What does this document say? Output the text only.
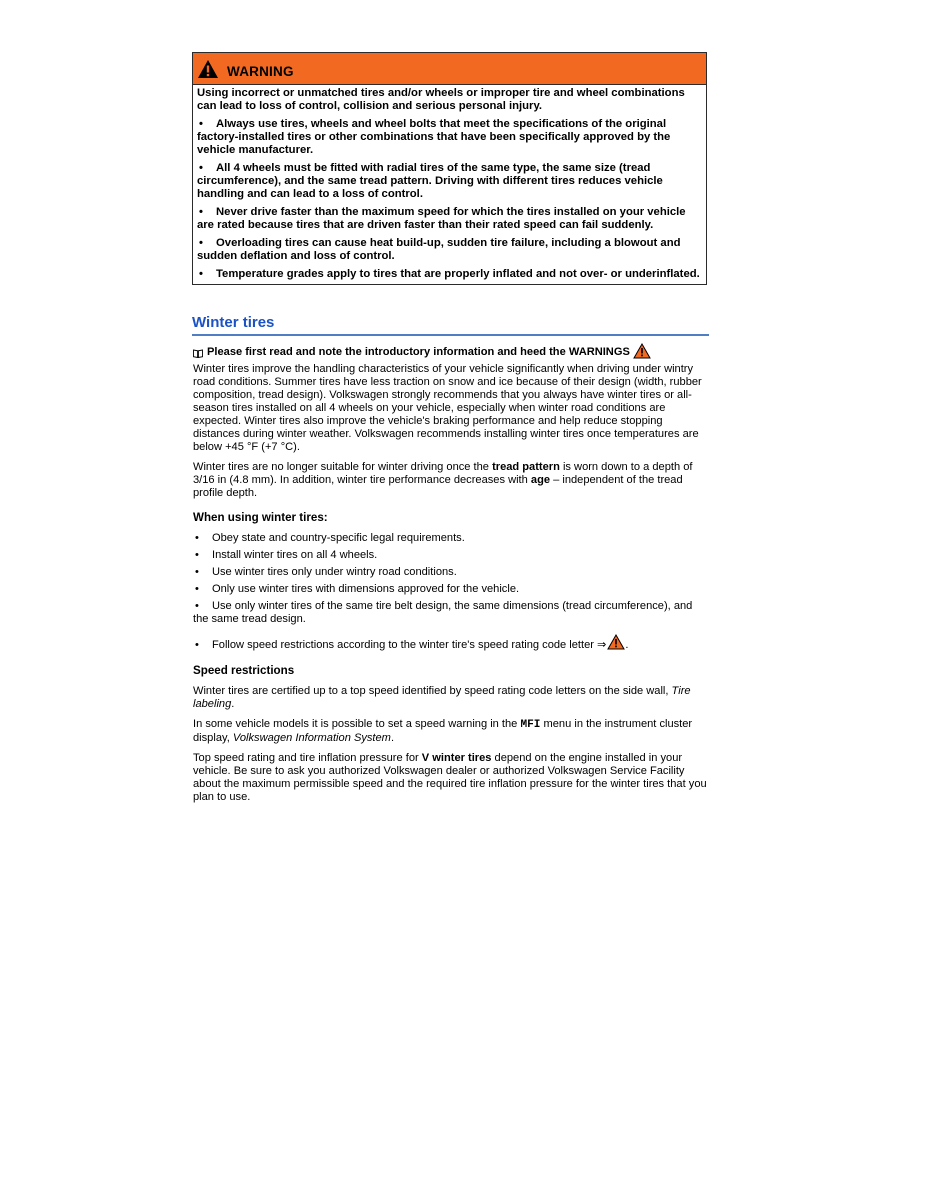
WARNING

Using incorrect or unmatched tires and/or wheels or improper tire and wheel combinations can lead to loss of control, collision and serious personal injury.

• Always use tires, wheels and wheel bolts that meet the specifications of the original factory-installed tires or other combinations that have been specifically approved by the vehicle manufacturer.

• All 4 wheels must be fitted with radial tires of the same type, the same size (tread circumference), and the same tread pattern. Driving with different tires reduces vehicle handling and can lead to a loss of control.

• Never drive faster than the maximum speed for which the tires installed on your vehicle are rated because tires that are driven faster than their rated speed can fail suddenly.

• Overloading tires can cause heat build-up, sudden tire failure, including a blowout and sudden deflation and loss of control.

• Temperature grades apply to tires that are properly inflated and not over- or underinflated.

Winter tires

Please first read and note the introductory information and heed the WARNINGS

Winter tires improve the handling characteristics of your vehicle significantly when driving under wintry road conditions. Summer tires have less traction on snow and ice because of their design (width, rubber composition, tread design). Volkswagen strongly recommends that you always have winter tires or all-season tires installed on all 4 wheels on your vehicle, especially when winter road conditions are expected. Winter tires also improve the vehicle's braking performance and help reduce stopping distances during winter weather. Volkswagen recommends installing winter tires once temperatures are below +45 °F (+7 °C).

Winter tires are no longer suitable for winter driving once the tread pattern is worn down to a depth of 3/16 in (4.8 mm). In addition, winter tire performance decreases with age – independent of the tread profile depth.

When using winter tires:

• Obey state and country-specific legal requirements.

• Install winter tires on all 4 wheels.

• Use winter tires only under wintry road conditions.

• Only use winter tires with dimensions approved for the vehicle.

• Use only winter tires of the same tire belt design, the same dimensions (tread circumference), and the same tread design.

• Follow speed restrictions according to the winter tire's speed rating code letter ⇒ .

Speed restrictions

Winter tires are certified up to a top speed identified by speed rating code letters on the side wall, Tire labeling.

In some vehicle models it is possible to set a speed warning in the MFI menu in the instrument cluster display, Volkswagen Information System.

Top speed rating and tire inflation pressure for V winter tires depend on the engine installed in your vehicle. Be sure to ask you authorized Volkswagen dealer or authorized Volkswagen Service Facility about the maximum permissible speed and the required tire inflation pressure for the winter tires that you plan to use.
